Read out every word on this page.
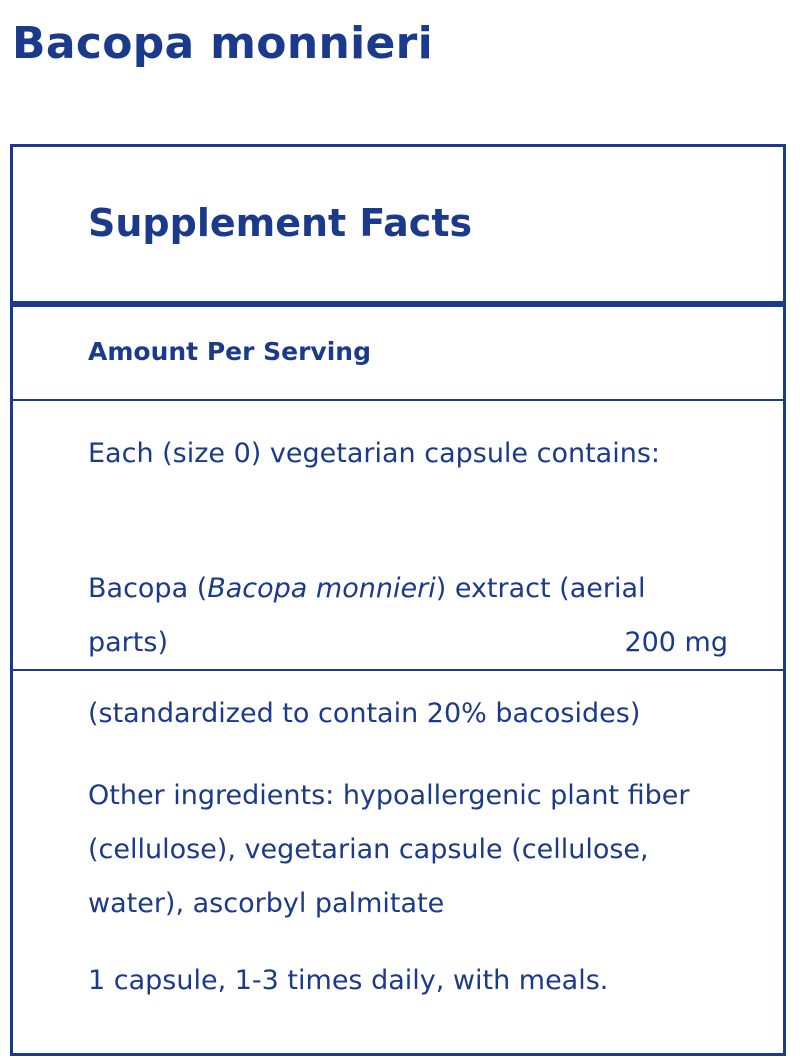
Bacopa monnieri
Supplement Facts
Amount Per Serving

Each (size 0) vegetarian capsule contains:

Bacopa (Bacopa monnieri) extract (aerial parts)	200 mg

(standardized to contain 20% bacosides)

Other ingredients: hypoallergenic plant fiber (cellulose), vegetarian capsule (cellulose, water), ascorbyl palmitate

1 capsule, 1-3 times daily, with meals.
